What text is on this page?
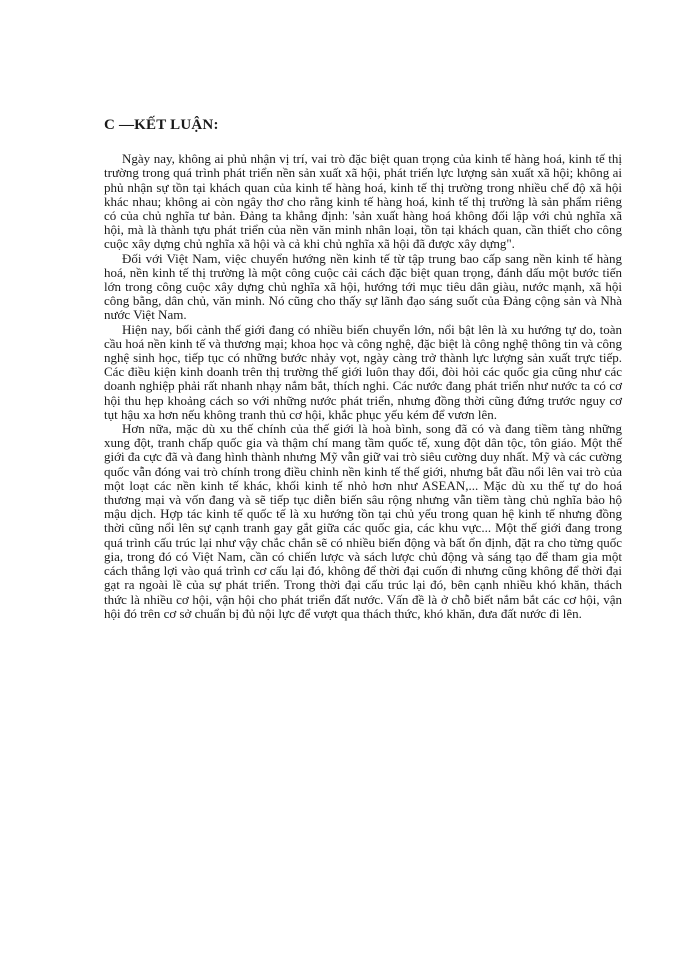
C —KẾT LUẬN:

Ngày nay, không ai phủ nhận vị trí, vai trò đặc biệt quan trọng của kinh tế hàng hoá, kinh tế thị trường trong quá trình phát triển nền sản xuất xã hội, phát triển lực lượng sản xuất xã hội; không ai phủ nhận sự tồn tại khách quan của kinh tế hàng hoá, kinh tế thị trường trong nhiều chế độ xã hội khác nhau; không ai còn ngây thơ cho rằng kinh tế hàng hoá, kinh tế thị trường là sản phẩm riêng có của chủ nghĩa tư bản. Đảng ta khẳng định: 'sản xuất hàng hoá không đối lập với chủ nghĩa xã hội, mà là thành tựu phát triển của nền văn minh nhân loại, tồn tại khách quan, cần thiết cho công cuộc xây dựng chủ nghĩa xã hội và cả khi chủ nghĩa xã hội đã được xây dựng".

Đối với Việt Nam, việc chuyển hướng nền kinh tế từ tập trung bao cấp sang nền kinh tế hàng hoá, nền kinh tế thị trường là một công cuộc cải cách đặc biệt quan trọng, đánh dấu một bước tiến lớn trong công cuộc xây dựng chủ nghĩa xã hội, hướng tới mục tiêu dân giàu, nước mạnh, xã hội công bằng, dân chủ, văn minh. Nó cũng cho thấy sự lãnh đạo sáng suốt của Đảng cộng sản và Nhà nước Việt Nam.

Hiện nay, bối cảnh thế giới đang có nhiều biến chuyển lớn, nổi bật lên là xu hướng tự do, toàn cầu hoá nền kinh tế và thương mại; khoa học và công nghệ, đặc biệt là công nghệ thông tin và công nghệ sinh học, tiếp tục có những bước nhảy vọt, ngày càng trở thành lực lượng sản xuất trực tiếp. Các điều kiện kinh doanh trên thị trường thế giới luôn thay đổi, đòi hỏi các quốc gia cũng như các doanh nghiệp phải rất nhanh nhạy nắm bắt, thích nghi. Các nước đang phát triển như nước ta có cơ hội thu hẹp khoảng cách so với những nước phát triển, nhưng đồng thời cũng đứng trước nguy cơ tụt hậu xa hơn nếu không tranh thủ cơ hội, khắc phục yếu kém để vươn lên.

Hơn nữa, mặc dù xu thế chính của thế giới là hoà bình, song đã có và đang tiềm tàng những xung đột, tranh chấp quốc gia và thậm chí mang tầm quốc tế, xung đột dân tộc, tôn giáo. Một thế giới đa cực đã và đang hình thành nhưng Mỹ vẫn giữ vai trò siêu cường duy nhất. Mỹ và các cường quốc vẫn đóng vai trò chính trong điều chỉnh nền kinh tế thế giới, nhưng bắt đầu nổi lên vai trò của một loạt các nền kinh tế khác, khối kinh tế nhỏ hơn như ASEAN,... Mặc dù xu thế tự do hoá thương mại và vốn đang và sẽ tiếp tục diễn biến sâu rộng nhưng vẫn tiềm tàng chủ nghĩa bảo hộ mậu dịch. Hợp tác kinh tế quốc tế là xu hướng tồn tại chủ yếu trong quan hệ kinh tế nhưng đồng thời cũng nổi lên sự cạnh tranh gay gắt giữa các quốc gia, các khu vực... Một thế giới đang trong quá trình cấu trúc lại như vậy chắc chắn sẽ có nhiều biến động và bất ổn định, đặt ra cho từng quốc gia, trong đó có Việt Nam, cần có chiến lược và sách lược chủ động và sáng tạo để tham gia một cách thắng lợi vào quá trình cơ cấu lại đó, không để thời đại cuốn đi nhưng cũng không để thời đại gạt ra ngoài lề của sự phát triển. Trong thời đại cấu trúc lại đó, bên cạnh nhiều khó khăn, thách thức là nhiều cơ hội, vận hội cho phát triển đất nước. Vấn đề là ở chỗ biết nắm bắt các cơ hội, vận hội đó trên cơ sở chuẩn bị đủ nội lực để vượt qua thách thức, khó khăn, đưa đất nước đi lên.
